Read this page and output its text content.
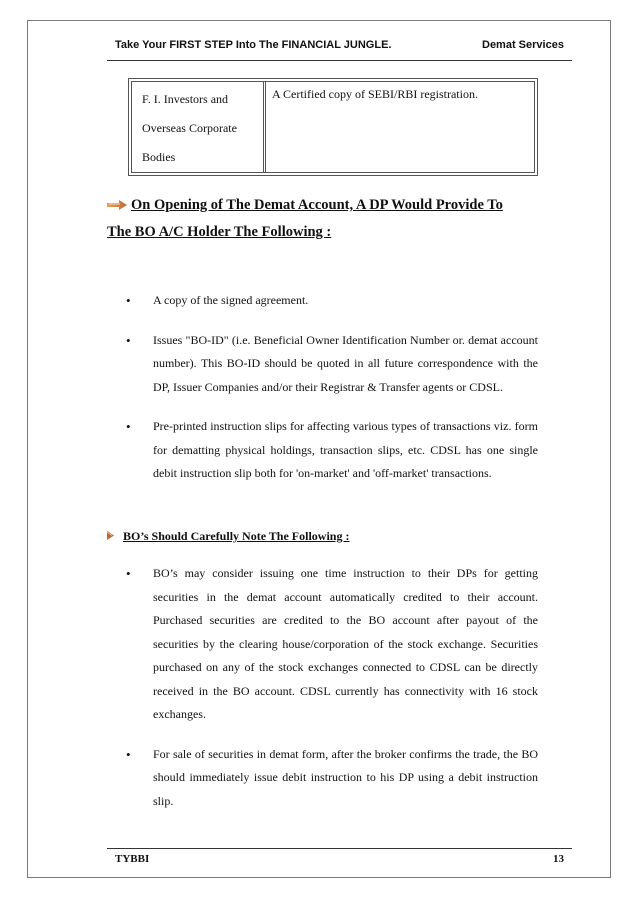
Take Your FIRST STEP Into The FINANCIAL JUNGLE.	Demat Services
F. I. Investors and
Overseas Corporate
Bodies
A Certified copy of SEBI/RBI registration.
On Opening of The Demat Account, A DP Would Provide To
The BO A/C Holder The Following :
• A copy of the signed agreement.
• Issues "BO-ID" (i.e. Beneficial Owner Identification Number or. demat account number). This BO-ID should be quoted in all future correspondence with the DP, Issuer Companies and/or their Registrar & Transfer agents or CDSL.
• Pre-printed instruction slips for affecting various types of transactions viz. form for dematting physical holdings, transaction slips, etc. CDSL has one single debit instruction slip both for 'on-market' and 'off-market' transactions.
BO’s Should Carefully Note The Following :
• BO’s may consider issuing one time instruction to their DPs for getting securities in the demat account automatically credited to their account. Purchased securities are credited to the BO account after payout of the securities by the clearing house/corporation of the stock exchange. Securities purchased on any of the stock exchanges connected to CDSL can be directly received in the BO account. CDSL currently has connectivity with 16 stock exchanges.
• For sale of securities in demat form, after the broker confirms the trade, the BO should immediately issue debit instruction to his DP using a debit instruction slip.
TYBBI	13
